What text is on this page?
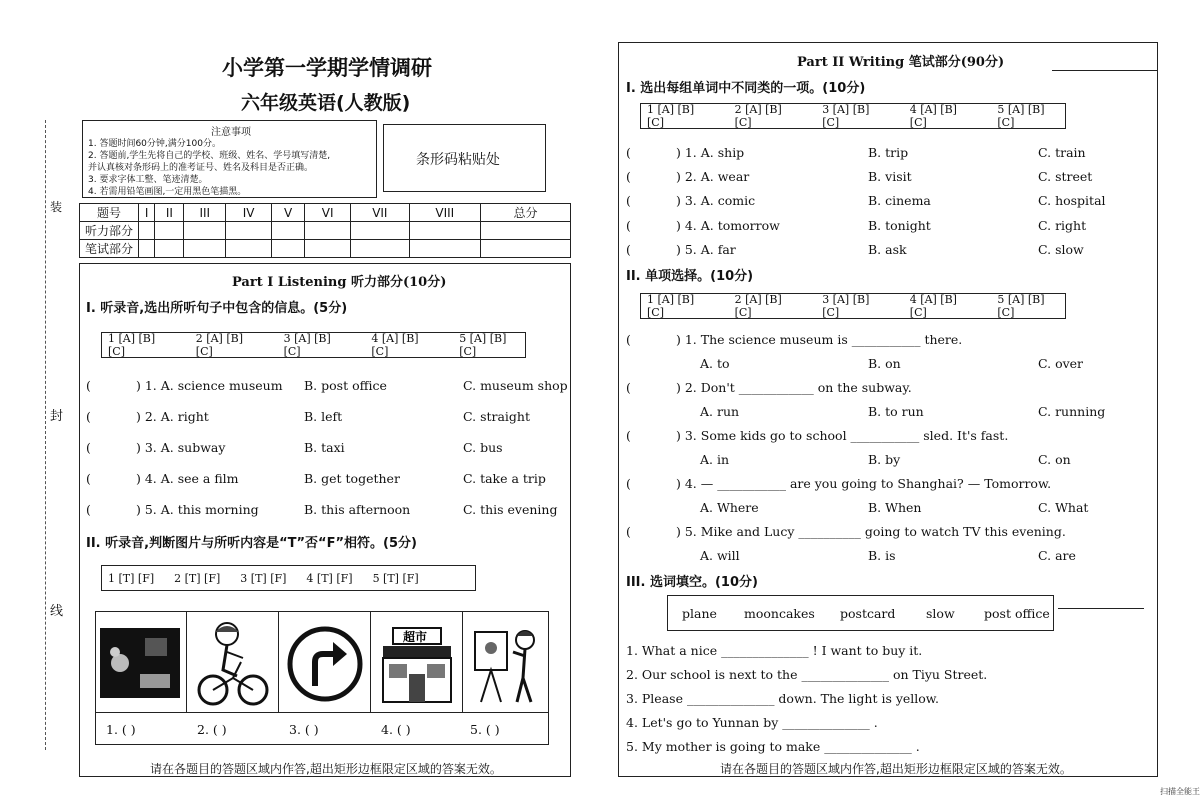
装
封
线
小学第一学期学情调研
六年级英语(人教版)
注意事项
1. 答题时间60分钟,满分100分。
2. 答题前,学生先将自己的学校、班级、姓名、学号填写清楚,
并认真核对条形码上的准考证号、姓名及科目是否正确。
3. 要求字体工整、笔迹清楚。
4. 若需用铅笔画图,一定用黑色笔描黑。
条形码粘贴处
题号	I	II	III	IV	V	VI	VII	VIII	总分
听力部分									
笔试部分									
Part I Listening 听力部分(10分)
I. 听录音,选出所听句子中包含的信息。(5分)
1 [A] [B] [C]
2 [A] [B] [C]
3 [A] [B] [C]
4 [A] [B] [C]
5 [A] [B] [C]
(	) 1. A. science museum B. post office	C. museum shop
(	) 2. A. right	B. left	C. straight
(	) 3. A. subway	B. taxi	C. bus
(	) 4. A. see a film	B. get together	C. take a trip
(	) 5. A. this morning	B. this afternoon	C. this evening
II. 听录音,判断图片与所听内容是“T”否“F”相符。(5分)
1 [T] [F] 2 [T] [F] 3 [T] [F] 4 [T] [F] 5 [T] [F]
超市
1. ( )	2. ( )	3. ( )	4. ( )	5. ( )
请在各题目的答题区域内作答,超出矩形边框限定区域的答案无效。
Part II Writing 笔试部分(90分)
I. 选出每组单词中不同类的一项。(10分)
1 [A] [B] [C]
2 [A] [B] [C]
3 [A] [B] [C]
4 [A] [B] [C]
5 [A] [B] [C]
(	) 1. A. ship	B. trip	C. train
(	) 2. A. wear	B. visit	C. street
(	) 3. A. comic	B. cinema	C. hospital
(	) 4. A. tomorrow	B. tonight	C. right
(	) 5. A. far	B. ask	C. slow
II. 单项选择。(10分)
1 [A] [B] [C]
2 [A] [B] [C]
3 [A] [B] [C]
4 [A] [B] [C]
5 [A] [B] [C]
(	) 1. The science museum is ___________ there.
A. to	B. on	C. over
(	) 2. Don't ____________ on the subway.
A. run	B. to run	C. running
(	) 3. Some kids go to school ___________ sled. It's fast.
A. in	B. by	C. on
(	) 4. — ___________ are you going to Shanghai? — Tomorrow.
A. Where	B. When	C. What
(	) 5. Mike and Lucy __________ going to watch TV this evening.
A. will	B. is	C. are
III. 选词填空。(10分)
plane mooncakes postcard slow post office
1. What a nice ______________ ! I want to buy it.
2. Our school is next to the ______________ on Tiyu Street.
3. Please ______________ down. The light is yellow.
4. Let's go to Yunnan by ______________ .
5. My mother is going to make ______________ .
请在各题目的答题区域内作答,超出矩形边框限定区域的答案无效。
扫描全能王
